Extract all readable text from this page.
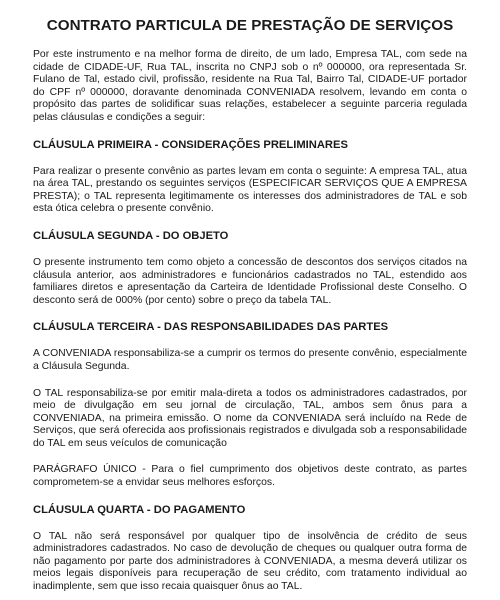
CONTRATO PARTICULA DE PRESTAÇÃO DE SERVIÇOS

Por este instrumento e na melhor forma de direito, de um lado, Empresa TAL, com sede na cidade de CIDADE-UF, Rua TAL, inscrita no CNPJ sob o nº 000000, ora representada Sr. Fulano de Tal, estado civil, profissão, residente na Rua Tal, Bairro Tal, CIDADE-UF portador do CPF nº 000000, doravante denominada CONVENIADA resolvem, levando em conta o propósito das partes de solidificar suas relações, estabelecer a seguinte parceria regulada pelas cláusulas e condições a seguir:

CLÁUSULA PRIMEIRA - CONSIDERAÇÕES PRELIMINARES

Para realizar o presente convênio as partes levam em conta o seguinte: A empresa TAL, atua na área TAL, prestando os seguintes serviços (ESPECIFICAR SERVIÇOS QUE A EMPRESA PRESTA); o TAL representa legitimamente os interesses dos administradores de TAL e sob esta ótica celebra o presente convênio.

CLÁUSULA SEGUNDA - DO OBJETO

O presente instrumento tem como objeto a concessão de descontos dos serviços citados na cláusula anterior, aos administradores e funcionários cadastrados no TAL, estendido aos familiares diretos e apresentação da Carteira de Identidade Profissional deste Conselho. O desconto será de 000% (por cento) sobre o preço da tabela TAL.

CLÁUSULA TERCEIRA - DAS RESPONSABILIDADES DAS PARTES

A CONVENIADA responsabiliza-se a cumprir os termos do presente convênio, especialmente a Cláusula Segunda.

O TAL responsabiliza-se por emitir mala-direta a todos os administradores cadastrados, por meio de divulgação em seu jornal de circulação, TAL, ambos sem ônus para a CONVENIADA, na primeira emissão. O nome da CONVENIADA será incluído na Rede de Serviços, que será oferecida aos profissionais registrados e divulgada sob a responsabilidade do TAL em seus veículos de comunicação

PARÁGRAFO ÚNICO - Para o fiel cumprimento dos objetivos deste contrato, as partes comprometem-se a envidar seus melhores esforços.

CLÁUSULA QUARTA - DO PAGAMENTO

O TAL não será responsável por qualquer tipo de insolvência de crédito de seus administradores cadastrados. No caso de devolução de cheques ou qualquer outra forma de não pagamento por parte dos administradores à CONVENIADA, a mesma deverá utilizar os meios legais disponíveis para recuperação de seu crédito, com tratamento individual ao inadimplente, sem que isso recaia quaisquer ônus ao TAL.
